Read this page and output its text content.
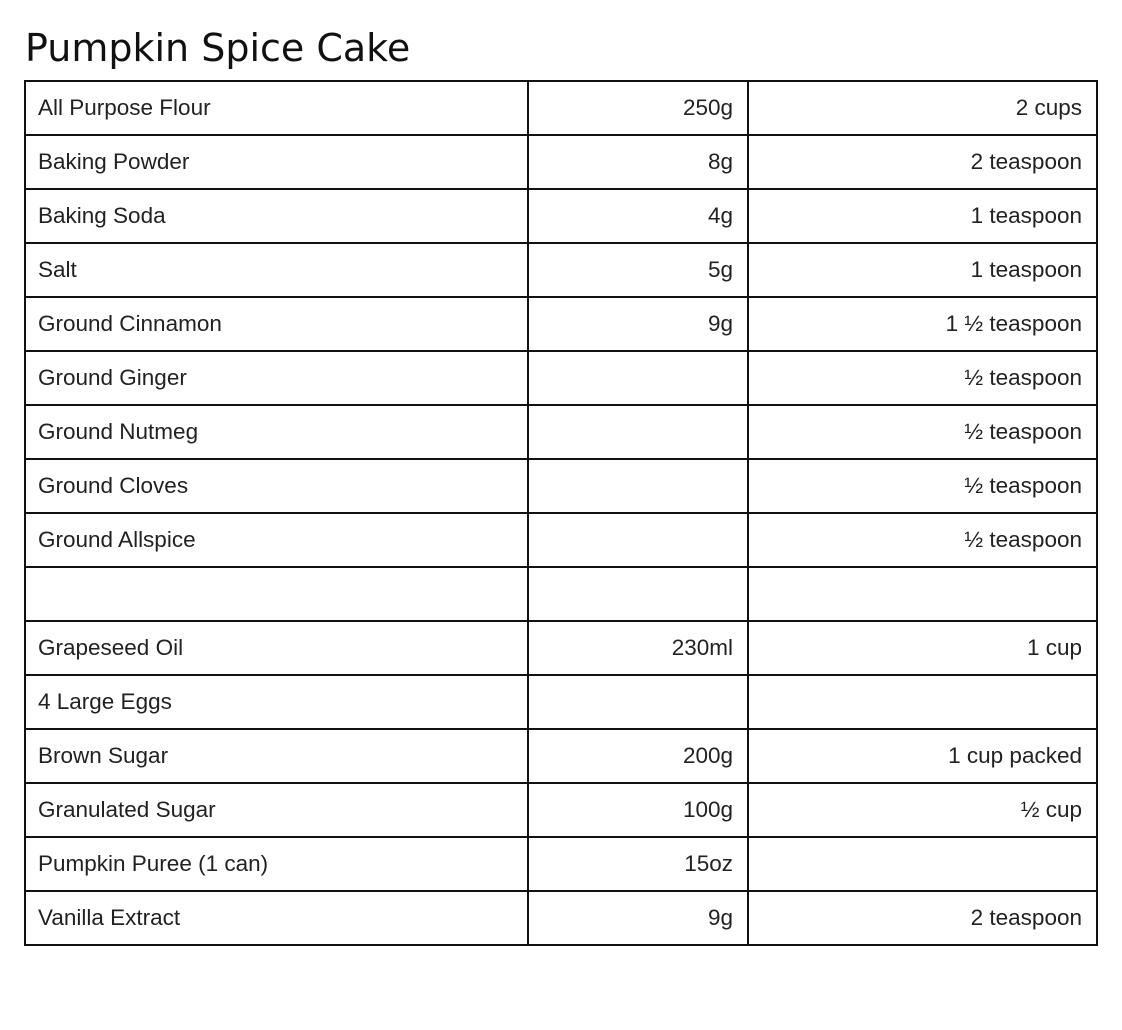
Pumpkin Spice Cake
All Purpose Flour	250g	2 cups
Baking Powder	8g	2 teaspoon
Baking Soda	4g	1 teaspoon
Salt	5g	1 teaspoon
Ground Cinnamon	9g	1 ½ teaspoon
Ground Ginger		½ teaspoon
Ground Nutmeg		½ teaspoon
Ground Cloves		½ teaspoon
Ground Allspice		½ teaspoon

Grapeseed Oil	230ml	1 cup
4 Large Eggs		
Brown Sugar	200g	1 cup packed
Granulated Sugar	100g	½ cup
Pumpkin Puree (1 can)	15oz	
Vanilla Extract	9g	2 teaspoon
